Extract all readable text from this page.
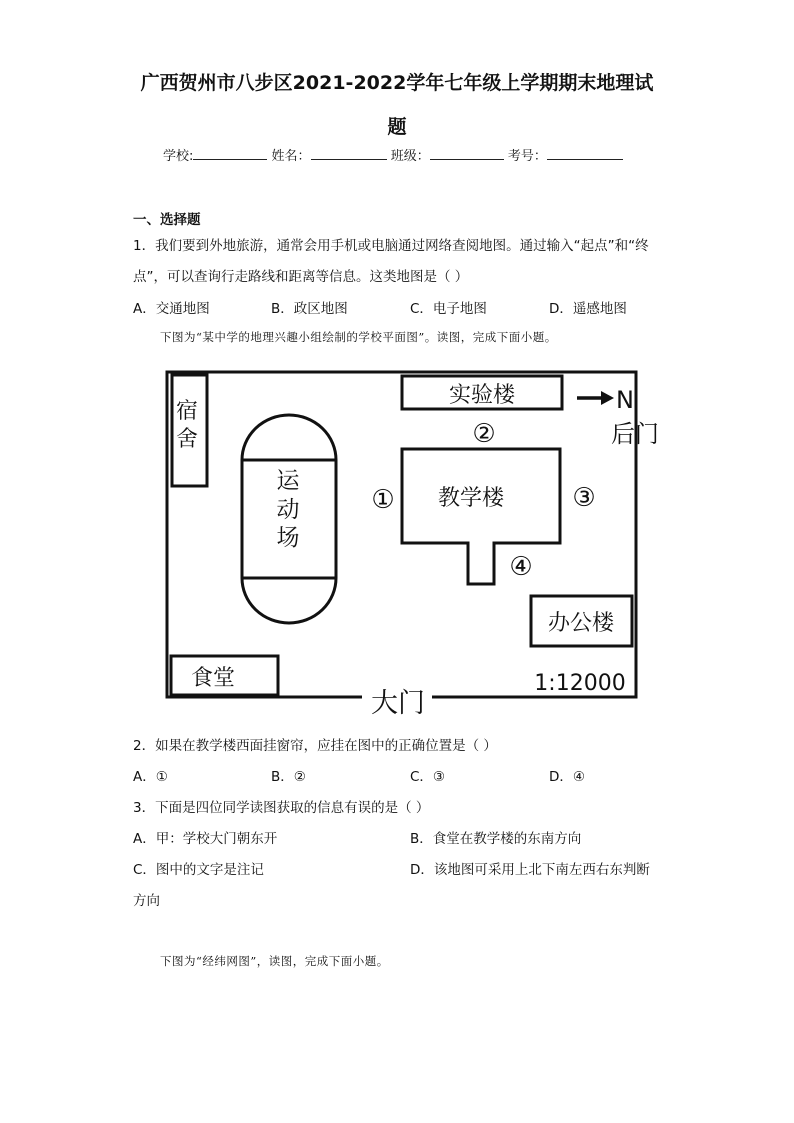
广西贺州市八步区2021-2022学年七年级上学期期末地理试
题
学校:	姓名：	班级：	考号：
一、选择题
1．我们要到外地旅游，通常会用手机或电脑通过网络查阅地图。通过输入“起点”和“终
点”，可以查询行走路线和距离等信息。这类地图是（ ）
A．交通地图	B．政区地图	C．电子地图	D．遥感地图
下图为“某中学的地理兴趣小组绘制的学校平面图”。读图，完成下面小题。
宿
舍
运
动
场
实验楼	N
后门
教学楼
①
②
③
④
办公楼
食堂	1:12000
大门
2．如果在教学楼西面挂窗帘，应挂在图中的正确位置是（ ）
A．①	B．②	C．③	D．④
3．下面是四位同学读图获取的信息有误的是（ ）
A．甲：学校大门朝东开	B．食堂在教学楼的东南方向
C．图中的文字是注记	D．该地图可采用上北下南左西右东判断
方向
下图为“经纬网图”，读图，完成下面小题。
